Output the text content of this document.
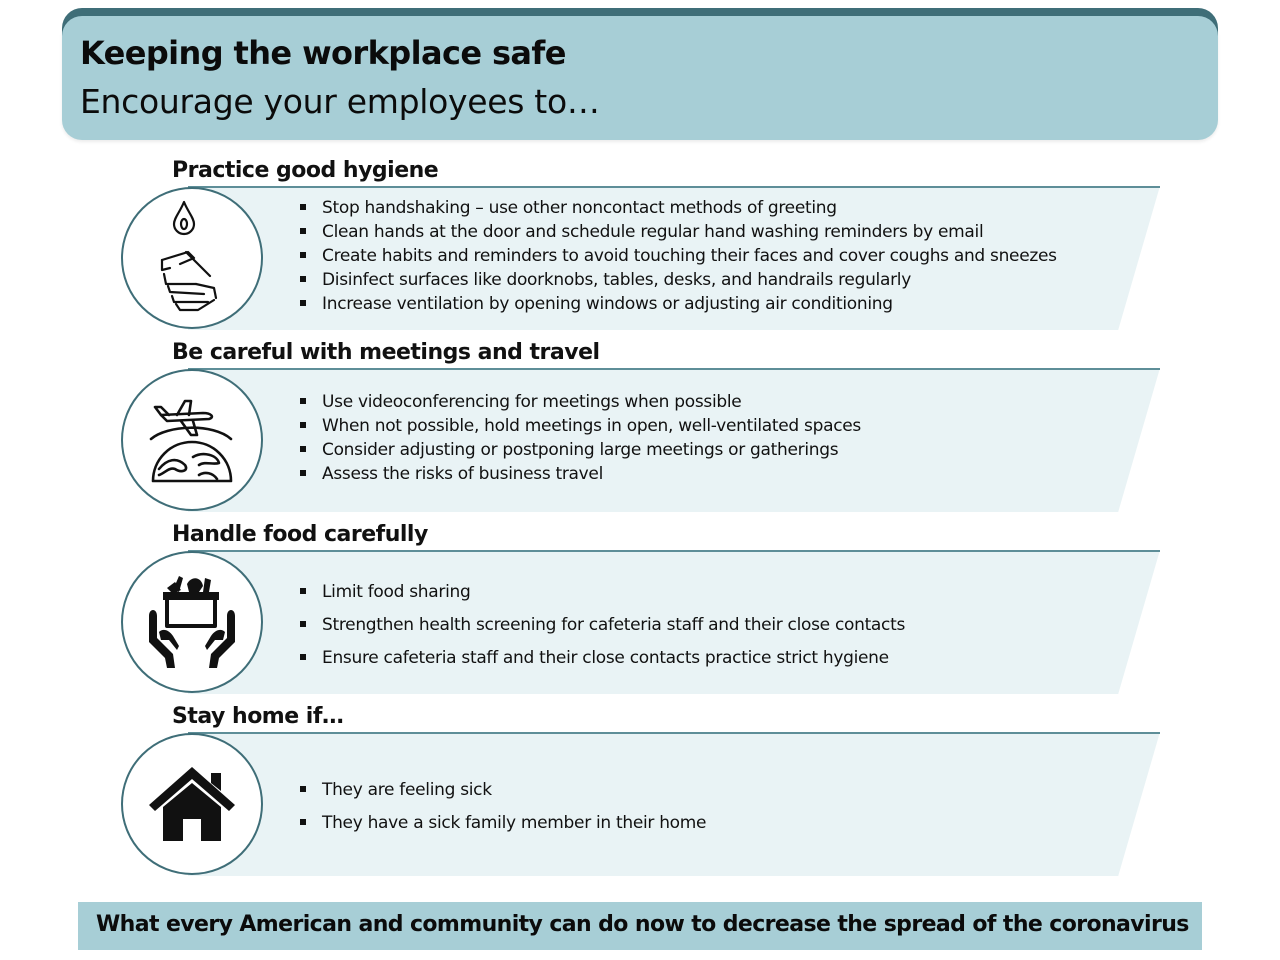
Keeping the workplace safe
Encourage your employees to…
Practice good hygiene
Stop handshaking – use other noncontact methods of greeting
Clean hands at the door and schedule regular hand washing reminders by email
Create habits and reminders to avoid touching their faces and cover coughs and sneezes
Disinfect surfaces like doorknobs, tables, desks, and handrails regularly
Increase ventilation by opening windows or adjusting air conditioning
Be careful with meetings and travel
Use videoconferencing for meetings when possible
When not possible, hold meetings in open, well-ventilated spaces
Consider adjusting or postponing large meetings or gatherings
Assess the risks of business travel
Handle food carefully
Limit food sharing
Strengthen health screening for cafeteria staff and their close contacts
Ensure cafeteria staff and their close contacts practice strict hygiene
Stay home if…
They are feeling sick
They have a sick family member in their home
What every American and community can do now to decrease the spread of the coronavirus
